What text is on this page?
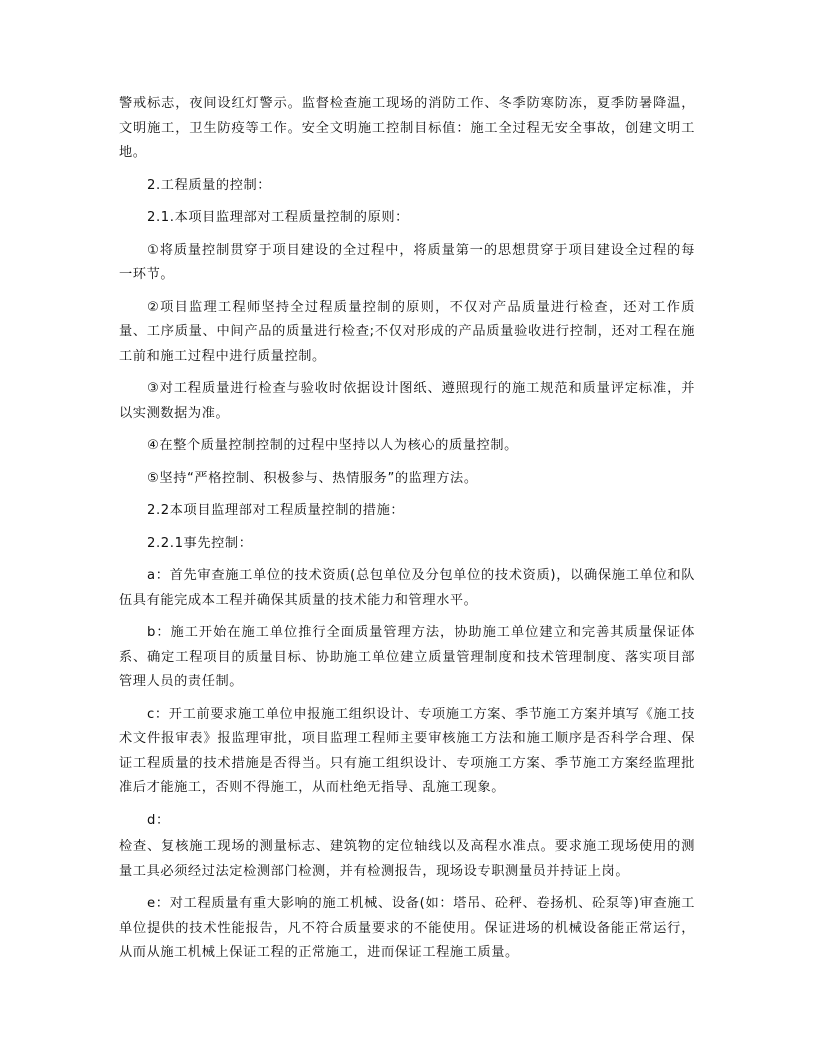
警戒标志，夜间设红灯警示。监督检查施工现场的消防工作、冬季防寒防冻，夏季防暑降温，文明施工，卫生防疫等工作。安全文明施工控制目标值：施工全过程无安全事故，创建文明工地。

2.工程质量的控制：

2.1.本项目监理部对工程质量控制的原则：

①将质量控制贯穿于项目建设的全过程中，将质量第一的思想贯穿于项目建设全过程的每一环节。

②项目监理工程师坚持全过程质量控制的原则，不仅对产品质量进行检查，还对工作质量、工序质量、中间产品的质量进行检查;不仅对形成的产品质量验收进行控制，还对工程在施工前和施工过程中进行质量控制。

③对工程质量进行检查与验收时依据设计图纸、遵照现行的施工规范和质量评定标准，并以实测数据为准。

④在整个质量控制控制的过程中坚持以人为核心的质量控制。

⑤坚持“严格控制、积极参与、热情服务”的监理方法。

2.2本项目监理部对工程质量控制的措施：

2.2.1事先控制：

a：首先审查施工单位的技术资质(总包单位及分包单位的技术资质)，以确保施工单位和队伍具有能完成本工程并确保其质量的技术能力和管理水平。

b：施工开始在施工单位推行全面质量管理方法，协助施工单位建立和完善其质量保证体系、确定工程项目的质量目标、协助施工单位建立质量管理制度和技术管理制度、落实项目部管理人员的责任制。

c：开工前要求施工单位申报施工组织设计、专项施工方案、季节施工方案并填写《施工技术文件报审表》报监理审批，项目监理工程师主要审核施工方法和施工顺序是否科学合理、保证工程质量的技术措施是否得当。只有施工组织设计、专项施工方案、季节施工方案经监理批准后才能施工，否则不得施工，从而杜绝无指导、乱施工现象。

d：

检查、复核施工现场的测量标志、建筑物的定位轴线以及高程水准点。要求施工现场使用的测量工具必须经过法定检测部门检测，并有检测报告，现场设专职测量员并持证上岗。

e：对工程质量有重大影响的施工机械、设备(如：塔吊、砼秤、卷扬机、砼泵等)审查施工单位提供的技术性能报告，凡不符合质量要求的不能使用。保证进场的机械设备能正常运行，从而从施工机械上保证工程的正常施工，进而保证工程施工质量。
